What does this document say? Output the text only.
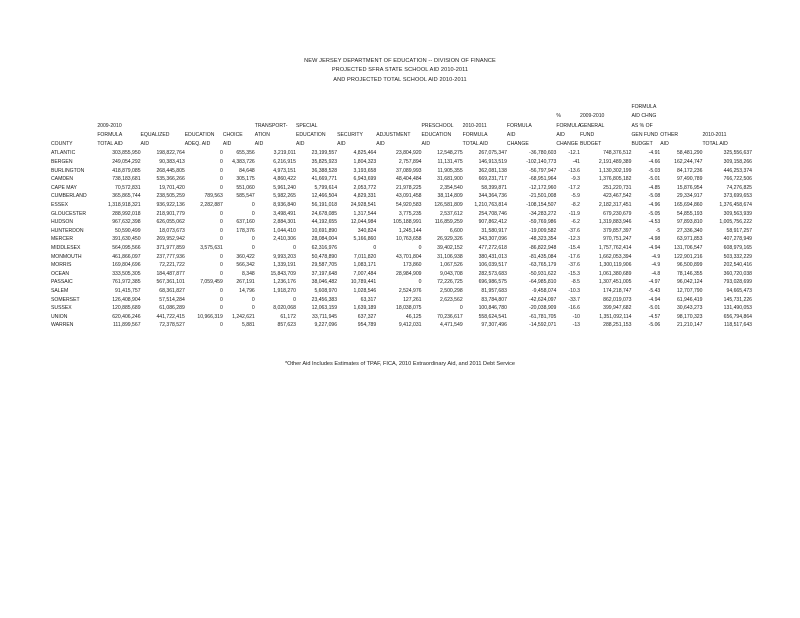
NEW JERSEY DEPARTMENT OF EDUCATION -- DIVISION OF FINANCE
PROJECTED SFRA STATE SCHOOL AID 2010-2011
AND PROJECTED TOTAL SCHOOL AID 2010-2011
COUNTY	2009-2010
FORMULA
TOTAL AID	EQUALIZED
AID	EDUCATION
ADEQ. AID	CHOICE
AID	TRANSPORT-
ATION
AID	SPECIAL
EDUCATION
AID	SECURITY
AID	ADJUSTMENT
AID	PRESCHOOL
EDUCATION
AID	2010-2011
FORMULA
TOTAL AID	FORMULA
AID
CHANGE	%
FORMULA
AID
CHANGE	2009-2010
GENERAL
FUND
BUDGET	FORMULA
AID CHNG
AS % OF
GEN FUND
BUDGET	OTHER
AID	2010-2011
TOTAL AID
ATLANTIC	303,855,950	198,822,764	0	655,356	3,219,011	23,199,557	4,825,464	23,804,920	12,548,275	267,075,347	-36,780,603	-12.1	748,376,512	-4.91	58,481,290	325,556,637
BERGEN	249,054,292	90,383,413	0	4,383,726	6,216,915	35,825,923	1,804,323	2,757,894	11,131,475	146,913,519	-102,140,773	-41	2,191,489,389	-4.66	162,244,747	309,158,266
BURLINGTON	418,879,085	268,445,805	0	84,648	4,973,151	36,388,528	3,193,658	37,089,993	11,905,355	362,081,138	-56,797,947	-13.6	1,130,302,199	-5.03	84,172,236	446,253,374
CAMDEN	738,183,681	535,366,266	0	305,175	4,860,422	41,669,771	6,943,699	48,404,484	31,681,900	669,231,717	-68,951,964	-9.3	1,376,805,182	-5.01	97,490,789	766,722,506
CAPE MAY	70,572,831	19,701,420	0	551,060	5,961,240	5,799,614	2,053,772	21,978,225	2,354,540	58,399,871	-12,172,960	-17.2	251,220,731	-4.85	15,876,954	74,276,825
CUMBERLAND	365,865,744	238,505,259	789,563	585,547	5,982,265	12,466,504	4,829,331	43,091,458	38,114,809	344,364,736	-21,501,008	-5.9	423,467,542	-5.08	29,334,917	373,699,653
ESSEX	1,318,918,321	936,922,136	2,282,887	0	8,936,840	56,191,018	24,928,541	54,920,583	126,581,809	1,210,763,814	-108,154,507	-8.2	2,182,317,451	-4.96	165,694,860	1,376,458,674
GLOUCESTER	288,992,018	218,901,779	0	0	3,498,491	24,678,085	1,317,544	3,775,235	2,537,612	254,708,746	-34,283,272	-11.9	679,230,679	-5.05	54,855,193	309,563,939
HUDSON	967,632,398	626,055,062	0	637,160	2,884,301	44,192,655	12,044,984	105,188,991	116,859,259	907,862,412	-59,769,986	-6.2	1,319,883,946	-4.53	97,893,810	1,005,756,222
HUNTERDON	50,590,499	18,073,673	0	178,376	1,044,410	10,691,890	340,824	1,245,144	6,600	31,580,917	-19,009,582	-37.6	379,857,397	-5	27,336,340	58,917,257
MERCER	391,630,450	269,952,942	0	0	2,410,306	28,084,004	5,166,860	10,763,658	26,929,326	343,307,096	-48,323,354	-12.3	970,751,247	-4.98	63,971,853	407,278,949
MIDDLESEX	564,095,566	371,977,859	3,575,631	0	0	62,316,976	0	0	39,402,152	477,272,618	-86,822,948	-15.4	1,757,762,414	-4.94	131,706,547	608,979,165
MONMOUTH	461,866,097	237,777,936	0	360,422	9,993,203	50,478,890	7,011,820	43,701,804	31,106,938	380,431,013	-81,435,084	-17.6	1,662,053,394	-4.9	122,901,216	503,332,229
MORRIS	169,804,696	72,221,722	0	566,342	1,339,191	29,587,705	1,083,171	173,860	1,067,526	106,039,517	-63,765,179	-37.6	1,300,119,906	-4.9	96,500,899	202,540,416
OCEAN	333,505,305	184,487,877	0	8,348	15,843,709	37,197,648	7,007,484	28,984,909	9,043,708	282,573,683	-50,931,622	-15.3	1,061,380,689	-4.8	78,146,355	360,720,038
PASSAIC	761,972,385	567,361,101	7,059,459	267,191	1,236,176	38,046,482	10,789,441	0	72,226,725	696,986,575	-64,985,810	-8.5	1,307,451,005	-4.97	96,042,124	793,028,699
SALEM	91,415,757	68,361,827	0	14,796	1,918,270	5,608,970	1,028,546	2,524,976	2,500,298	81,957,683	-9,458,074	-10.3	174,218,747	-5.43	12,707,790	94,665,473
SOMERSET	126,408,904	57,514,284	0	0	0	23,456,383	63,317	127,261	2,623,562	83,784,807	-42,624,097	-33.7	862,019,073	-4.94	61,946,419	145,731,226
SUSSEX	120,885,689	61,086,289	0	0	8,020,068	12,063,159	1,639,189	18,038,075	0	100,846,780	-20,038,909	-16.6	399,947,682	-5.01	30,643,273	131,490,053
UNION	620,406,246	441,722,415	10,966,319	1,242,621	61,172	33,711,945	637,327	46,125	70,236,617	558,624,541	-61,781,705	-10	1,351,092,114	-4.57	98,170,323	656,794,864
WARREN	111,899,567	72,378,527	0	5,881	857,623	9,227,096	954,789	9,412,031	4,471,549	97,307,496	-14,592,071	-13	288,251,153	-5.06	21,210,147	118,517,643
*Other Aid Includes Estimates of TPAF, FICA, 2010 Extraordinary Aid, and 2011 Debt Service
